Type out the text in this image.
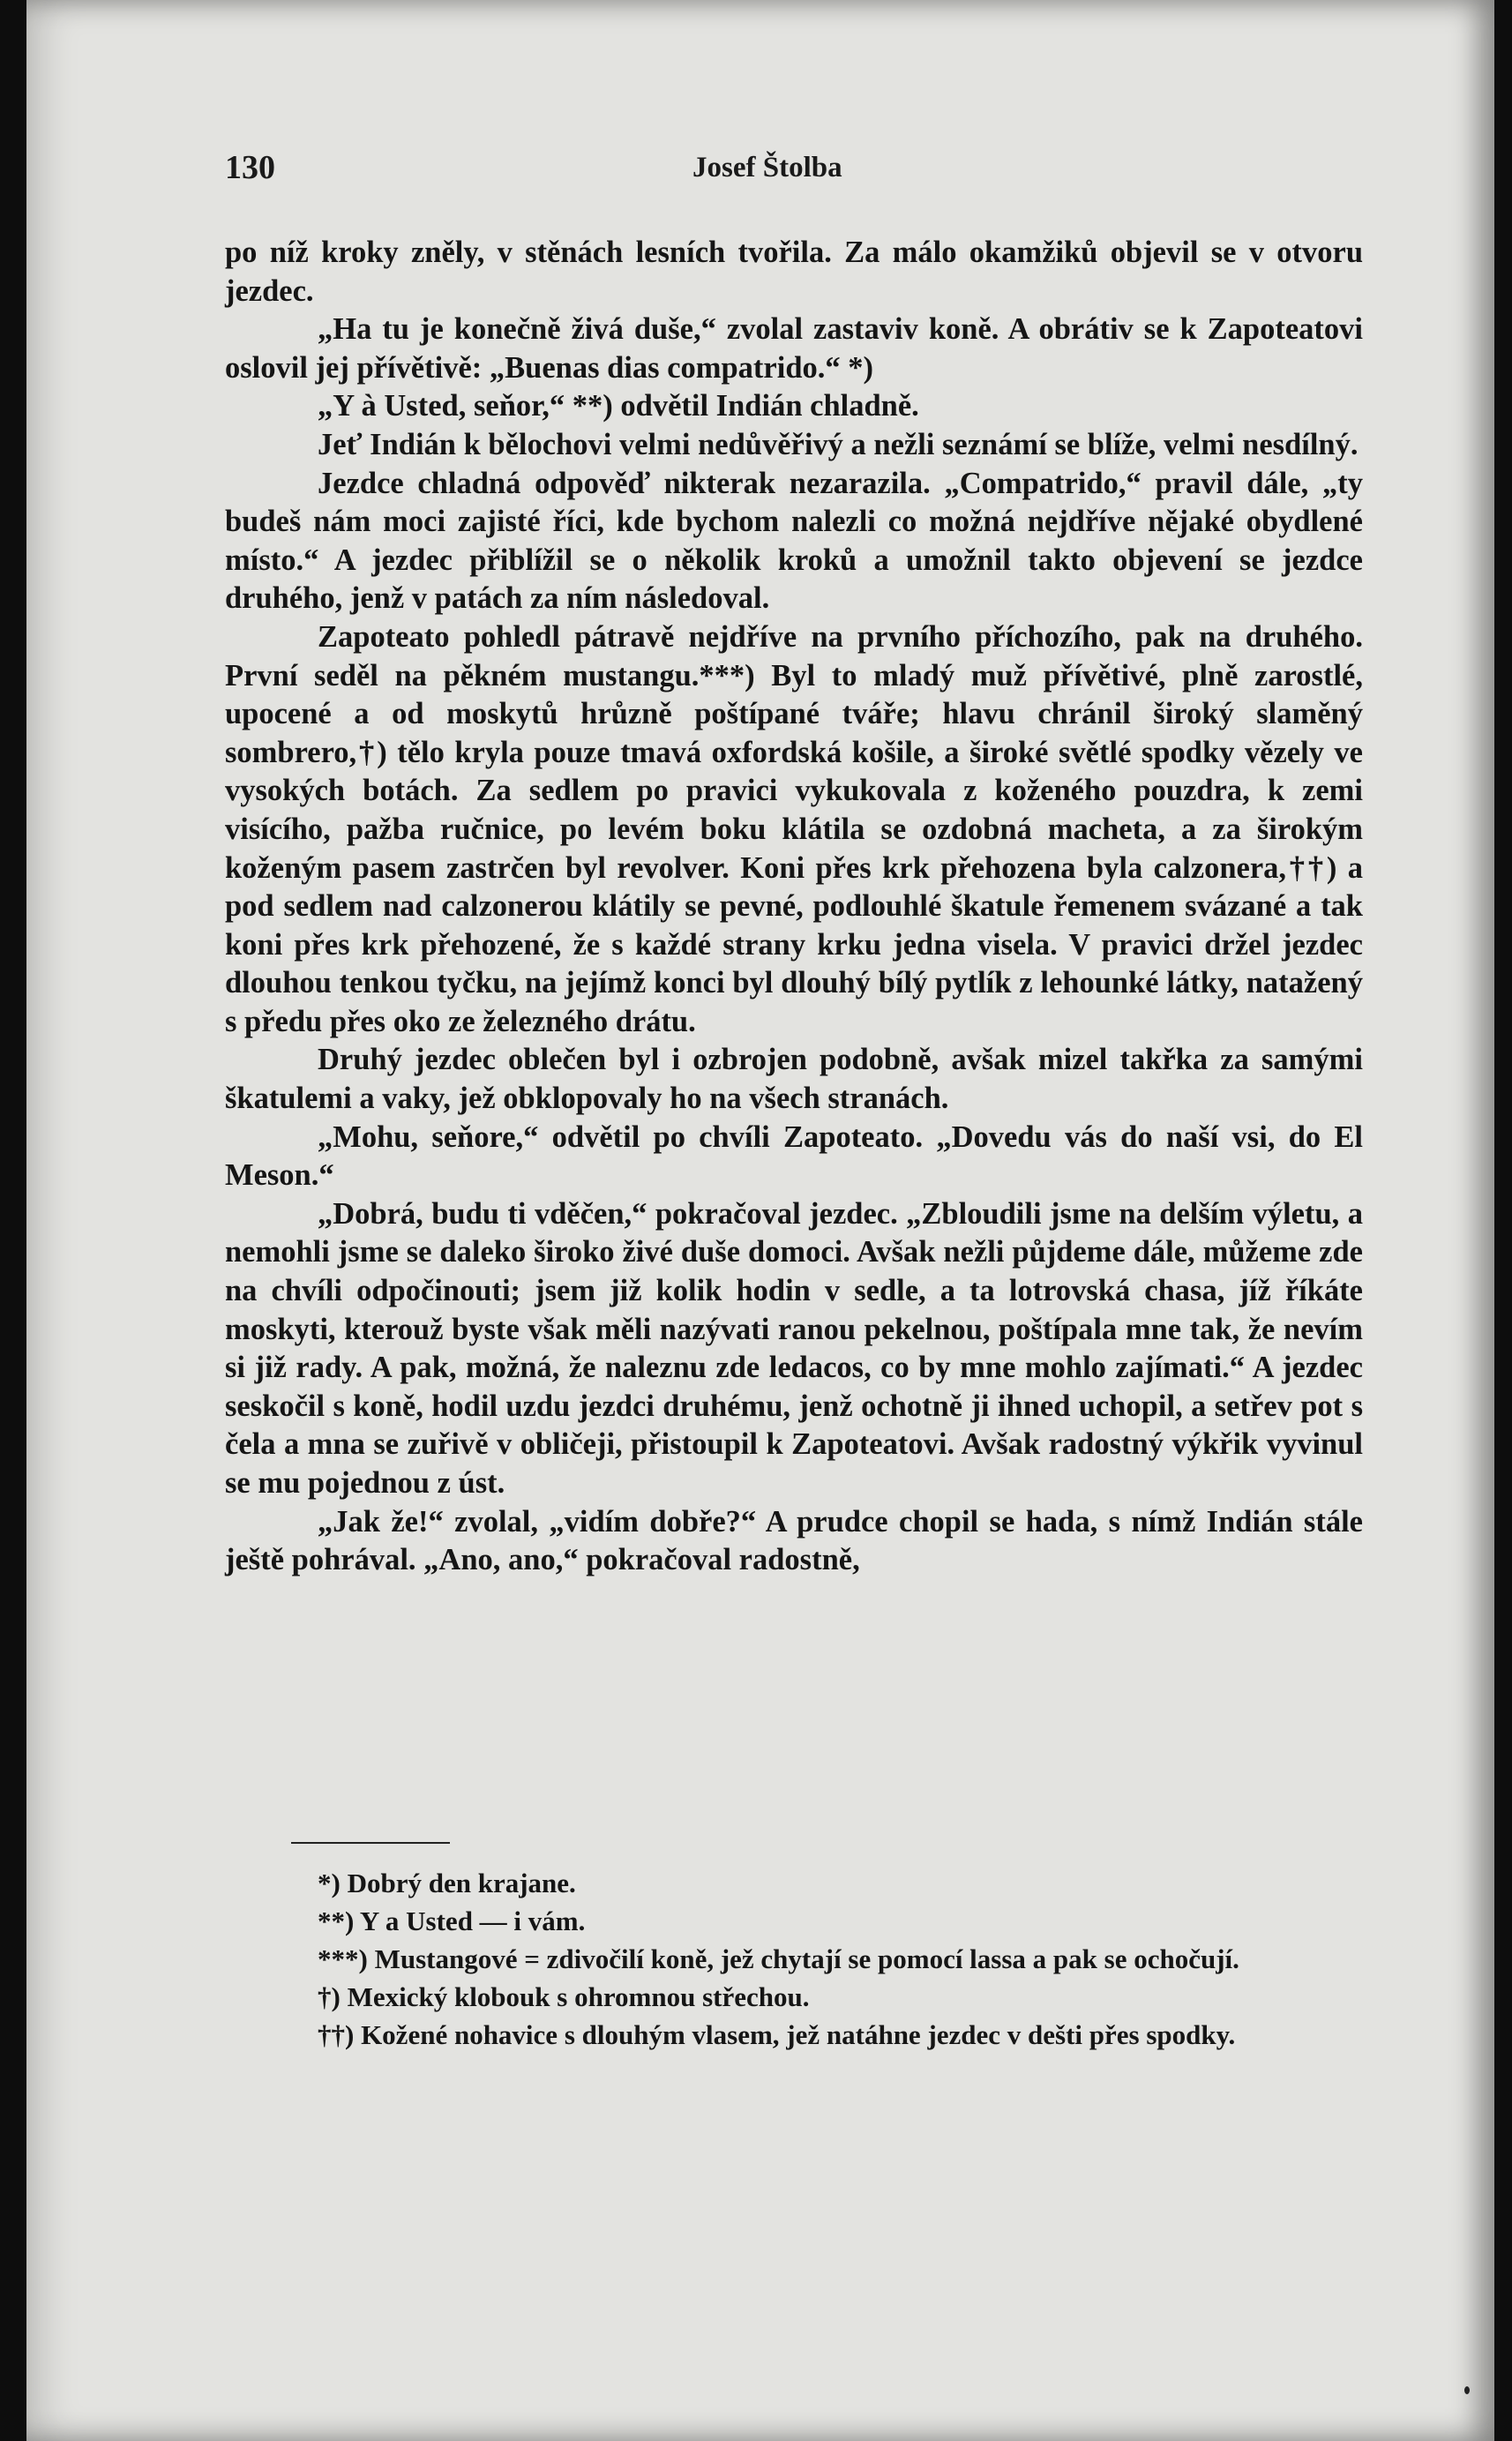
130	Josef Štolba

po níž kroky zněly, v stěnách lesních tvořila. Za málo okamžiků objevil se v otvoru jezdec.

„Ha tu je konečně živá duše,“ zvolal zastaviv koně. A obrátiv se k Zapoteatovi oslovil jej přívětivě: „Buenas dias compatrido.“ *)

„Y à Usted, seňor,“ **) odvětil Indián chladně.

Jeť Indián k bělochovi velmi nedůvěřivý a nežli seznámí se blíže, velmi nesdílný.

Jezdce chladná odpověď nikterak nezarazila. „Compatrido,“ pravil dále, „ty budeš nám moci zajisté říci, kde bychom nalezli co možná nejdříve nějaké obydlené místo.“ A jezdec přiblížil se o několik kroků a umožnil takto objevení se jezdce druhého, jenž v patách za ním následoval.

Zapoteato pohledl pátravě nejdříve na prvního příchozího, pak na druhého. První seděl na pěkném mustangu.***) Byl to mladý muž přívětivé, plně zarostlé, upocené a od moskytů hrůzně poštípané tváře; hlavu chránil široký slaměný sombrero,†) tělo kryla pouze tmavá oxfordská košile, a široké světlé spodky vězely ve vysokých botách. Za sedlem po pravici vykukovala z koženého pouzdra, k zemi visícího, pažba ručnice, po levém boku klátila se ozdobná macheta, a za širokým koženým pasem zastrčen byl revolver. Koni přes krk přehozena byla calzonera,††) a pod sedlem nad calzonerou klátily se pevné, podlouhlé škatule řemenem svázané a tak koni přes krk přehozené, že s každé strany krku jedna visela. V pravici držel jezdec dlouhou tenkou tyčku, na jejímž konci byl dlouhý bílý pytlík z lehounké látky, natažený s předu přes oko ze železného drátu.

Druhý jezdec oblečen byl i ozbrojen podobně, avšak mizel takřka za samými škatulemi a vaky, jež obklopovaly ho na všech stranách.

„Mohu, seňore,“ odvětil po chvíli Zapoteato. „Dovedu vás do naší vsi, do El Meson.“

„Dobrá, budu ti vděčen,“ pokračoval jezdec. „Zbloudili jsme na delším výletu, a nemohli jsme se daleko široko živé duše domoci. Avšak nežli půjdeme dále, můžeme zde na chvíli odpočinouti; jsem již kolik hodin v sedle, a ta lotrovská chasa, jíž říkáte moskyti, kterouž byste však měli nazývati ranou pekelnou, poštípala mne tak, že nevím si již rady. A pak, možná, že naleznu zde ledacos, co by mne mohlo zajímati.“ A jezdec seskočil s koně, hodil uzdu jezdci druhému, jenž ochotně ji ihned uchopil, a setřev pot s čela a mna se zuřivě v obličeji, přistoupil k Zapoteatovi. Avšak radostný výkřik vyvinul se mu pojednou z úst.

„Jak že!“ zvolal, „vidím dobře?“ A prudce chopil se hada, s nímž Indián stále ještě pohrával. „Ano, ano,“ pokračoval radostně,

*) Dobrý den krajane.

**) Y a Usted — i vám.

***) Mustangové = zdivočilí koně, jež chytají se pomocí lassa a pak se ochočují.

†) Mexický klobouk s ohromnou střechou.

††) Kožené nohavice s dlouhým vlasem, jež natáhne jezdec v dešti přes spodky.
